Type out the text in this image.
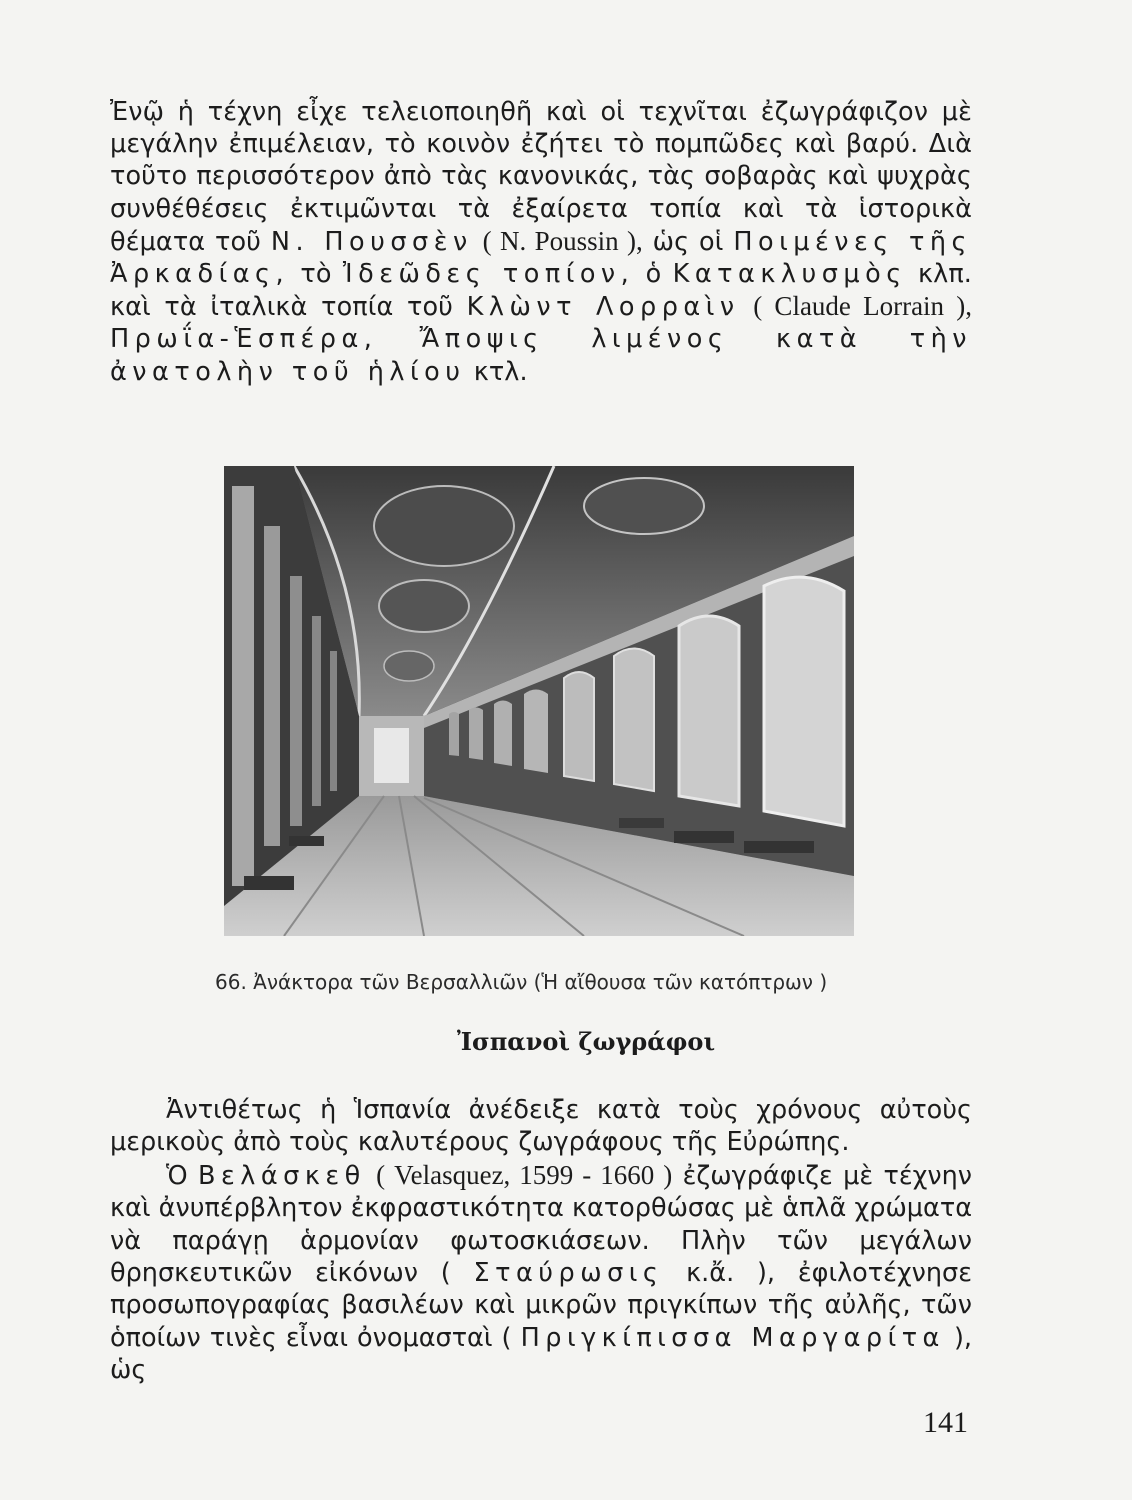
Ἐνῷ ἡ τέχνη εἶχε τελειοποιηθῆ καὶ οἱ τεχνῖται ἐζωγράφιζον μὲ μεγάλην ἐπιμέλειαν, τὸ κοινὸν ἐζήτει τὸ πομπῶδες καὶ βαρύ. Διὰ τοῦτο περισσότερον ἀπὸ τὰς κανονικάς, τὰς σοβαρὰς καὶ ψυχρὰς συνθέθέσεις ἐκτιμῶνται τὰ ἐξαίρετα τοπία καὶ τὰ ἱστορικὰ θέματα τοῦ Ν. Πουσσὲν ( N. Poussin ), ὡς οἱ Ποιμένες τῆς Ἀρκαδίας, τὸ Ἰδεῶδες τοπίον, ὁ Κατακλυσμὸς κλπ. καὶ τὰ ἰταλικὰ τοπία τοῦ Κλὼντ Λορραὶν ( Claude Lorrain ), Πρωΐα-Ἑσπέρα, Ἄποψις λιμένος κατὰ τὴν ἀνατολὴν τοῦ ἡλίου κτλ.
66. Ἀνάκτορα τῶν Βερσαλλιῶν (Ἡ αἴθουσα τῶν κατόπτρων )
Ἰσπανοὶ ζωγράφοι
Ἀντιθέτως ἡ Ἱσπανία ἀνέδειξε κατὰ τοὺς χρόνους αὐτοὺς μερικοὺς ἀπὸ τοὺς καλυτέρους ζωγράφους τῆς Εὐρώπης.
Ὁ Βελάσκεθ ( Velasquez, 1599 - 1660 ) ἐζωγράφιζε μὲ τέχνην καὶ ἀνυπέρβλητον ἐκφραστικότητα κατορθώσας μὲ ἁπλᾶ χρώματα νὰ παράγῃ ἁρμονίαν φωτοσκιάσεων. Πλὴν τῶν μεγάλων θρησκευτικῶν εἰκόνων ( Σταύρωσις κ.ἄ. ), ἐφιλοτέχνησε προσωπογραφίας βασιλέων καὶ μικρῶν πριγκίπων τῆς αὐλῆς, τῶν ὁποίων τινὲς εἶναι ὀνομασταὶ ( Πριγκίπισσα Μαργαρίτα ), ὡς
141
